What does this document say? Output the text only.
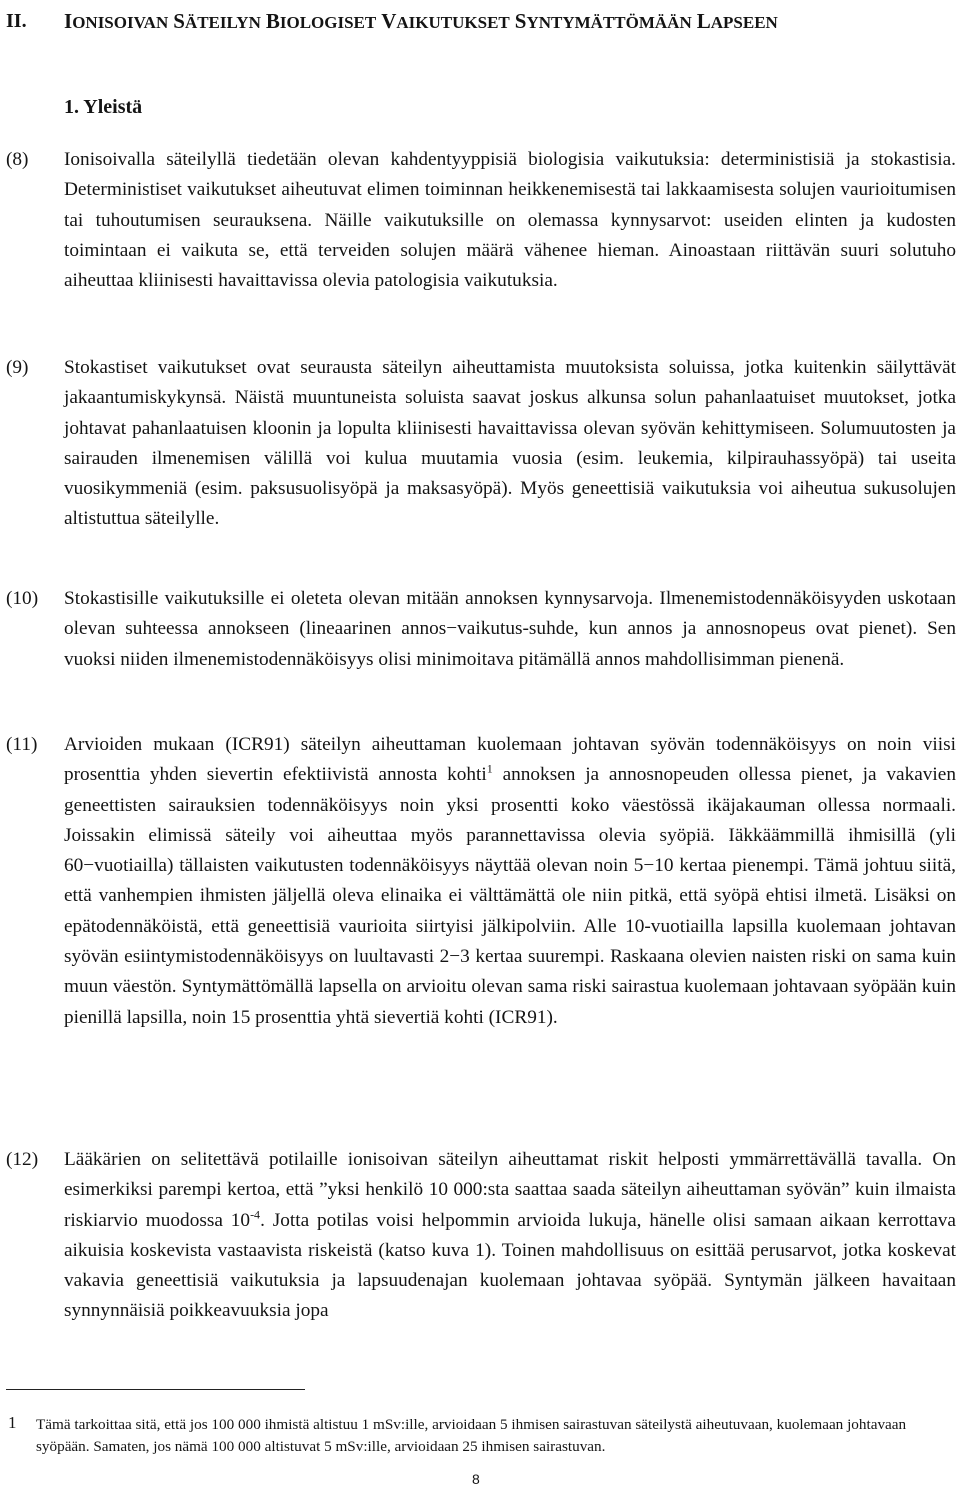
II. IONISOIVAN SÄTEILYN BIOLOGISET VAIKUTUKSET SYNTYMÄTTÖMÄÄN LAPSEEN
1. Yleistä
(8) Ionisoivalla säteilyllä tiedetään olevan kahdentyyppisiä biologisia vaikutuksia: deterministisiä ja stokastisia. Deterministiset vaikutukset aiheutuvat elimen toiminnan heikkenemisestä tai lakkaamisesta solujen vaurioitumisen tai tuhoutumisen seurauksena. Näille vaikutuksille on olemassa kynnysarvot: useiden elinten ja kudosten toimintaan ei vaikuta se, että terveiden solujen määrä vähenee hieman. Ainoastaan riittävän suuri solutuho aiheuttaa kliinisesti havaittavissa olevia patologisia vaikutuksia.
(9) Stokastiset vaikutukset ovat seurausta säteilyn aiheuttamista muutoksista soluissa, jotka kuitenkin säilyttävät jakaantumiskykynsä. Näistä muuntuneista soluista saavat joskus alkunsa solun pahanlaatuiset muutokset, jotka johtavat pahanlaatuisen kloonin ja lopulta kliinisesti havaittavissa olevan syövän kehittymiseen. Solumuutosten ja sairauden ilmenemisen välillä voi kulua muutamia vuosia (esim. leukemia, kilpirauhassyöpä) tai useita vuosikymmeniä (esim. paksusuolisyöpä ja maksasyöpä). Myös geneettisiä vaikutuksia voi aiheutua sukusolujen altistuttua säteilylle.
(10) Stokastisille vaikutuksille ei oleteta olevan mitään annoksen kynnysarvoja. Ilmenemistodennäköisyyden uskotaan olevan suhteessa annokseen (lineaarinen annos−vaikutus-suhde, kun annos ja annosnopeus ovat pienet). Sen vuoksi niiden ilmenemistodennäköisyys olisi minimoitava pitämällä annos mahdollisimman pienenä.
(11) Arvioiden mukaan (ICR91) säteilyn aiheuttaman kuolemaan johtavan syövän todennäköisyys on noin viisi prosenttia yhden sievertin efektiivistä annosta kohti$^1$ annoksen ja annosnopeuden ollessa pienet, ja vakavien geneettisten sairauksien todennäköisyys noin yksi prosentti koko väestössä ikäjakauman ollessa normaali. Joissakin elimissä säteily voi aiheuttaa myös parannettavissa olevia syöpiä. Iäkkäämmillä ihmisillä (yli 60−vuotiailla) tällaisten vaikutusten todennäköisyys näyttää olevan noin 5−10 kertaa pienempi. Tämä johtuu siitä, että vanhempien ihmisten jäljellä oleva elinaika ei välttämättä ole niin pitkä, että syöpä ehtisi ilmetä. Lisäksi on epätodennäköistä, että geneettisiä vaurioita siirtyisi jälkipolviin. Alle 10-vuotiailla lapsilla kuolemaan johtavan syövän esiintymistodennäköisyys on luultavasti 2−3 kertaa suurempi. Raskaana olevien naisten riski on sama kuin muun väestön. Syntymättömällä lapsella on arvioitu olevan sama riski sairastua kuolemaan johtavaan syöpään kuin pienillä lapsilla, noin 15 prosenttia yhtä sievertiä kohti (ICR91).
(12) Lääkärien on selitettävä potilaille ionisoivan säteilyn aiheuttamat riskit helposti ymmärrettävällä tavalla. On esimerkiksi parempi kertoa, että ”yksi henkilö 10 000:sta saattaa saada säteilyn aiheuttaman syövän” kuin ilmaista riskiarvio muodossa $10^{-4}$. Jotta potilas voisi helpommin arvioida lukuja, hänelle olisi samaan aikaan kerrottava aikuisia koskevista vastaavista riskeistä (katso kuva 1). Toinen mahdollisuus on esittää perusarvot, jotka koskevat vakavia geneettisiä vaikutuksia ja lapsuudenajan kuolemaan johtavaa syöpää. Syntymän jälkeen havaitaan synnynnäisiä poikkeavuuksia jopa
1 Tämä tarkoittaa sitä, että jos 100 000 ihmistä altistuu 1 mSv:ille, arvioidaan 5 ihmisen sairastuvan säteilystä aiheutuvaan, kuolemaan johtavaan syöpään. Samaten, jos nämä 100 000 altistuvat 5 mSv:ille, arvioidaan 25 ihmisen sairastuvan.
8
